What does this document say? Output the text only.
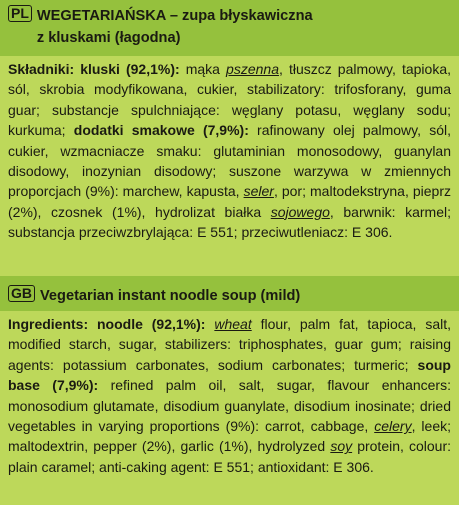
PL WEGETARIAŃSKA – zupa błyskawiczna
z kluskami (łagodna)

Składniki: kluski (92,1%): mąka pszenna, tłuszcz palmowy, tapioka, sól, skrobia modyfikowana, cukier, stabilizatory: trifosforany, guma guar; substancje spulchniające: węglany potasu, węglany sodu; kurkuma; dodatki smakowe (7,9%): rafinowany olej palmowy, sól, cukier, wzmacniacze smaku: glutaminian monosodowy, guanylan disodowy, inozynian disodowy; suszone warzywa w zmiennych proporcjach (9%): marchew, kapusta, seler, por; maltodekstryna, pieprz (2%), czosnek (1%), hydrolizat białka sojowego, barwnik: karmel; substancja przeciwzbrylająca: E 551; przeciwutleniacz: E 306.

GB Vegetarian instant noodle soup (mild)

Ingredients: noodle (92,1%): wheat flour, palm fat, tapioca, salt, modified starch, sugar, stabilizers: triphosphates, guar gum; raising agents: potassium carbonates, sodium carbonates; turmeric; soup base (7,9%): refined palm oil, salt, sugar, flavour enhancers: monosodium glutamate, disodium guanylate, disodium inosinate; dried vegetables in varying proportions (9%): carrot, cabbage, celery, leek; maltodextrin, pepper (2%), garlic (1%), hydrolyzed soy protein, colour: plain caramel; anti-caking agent: E 551; antioxidant: E 306.
